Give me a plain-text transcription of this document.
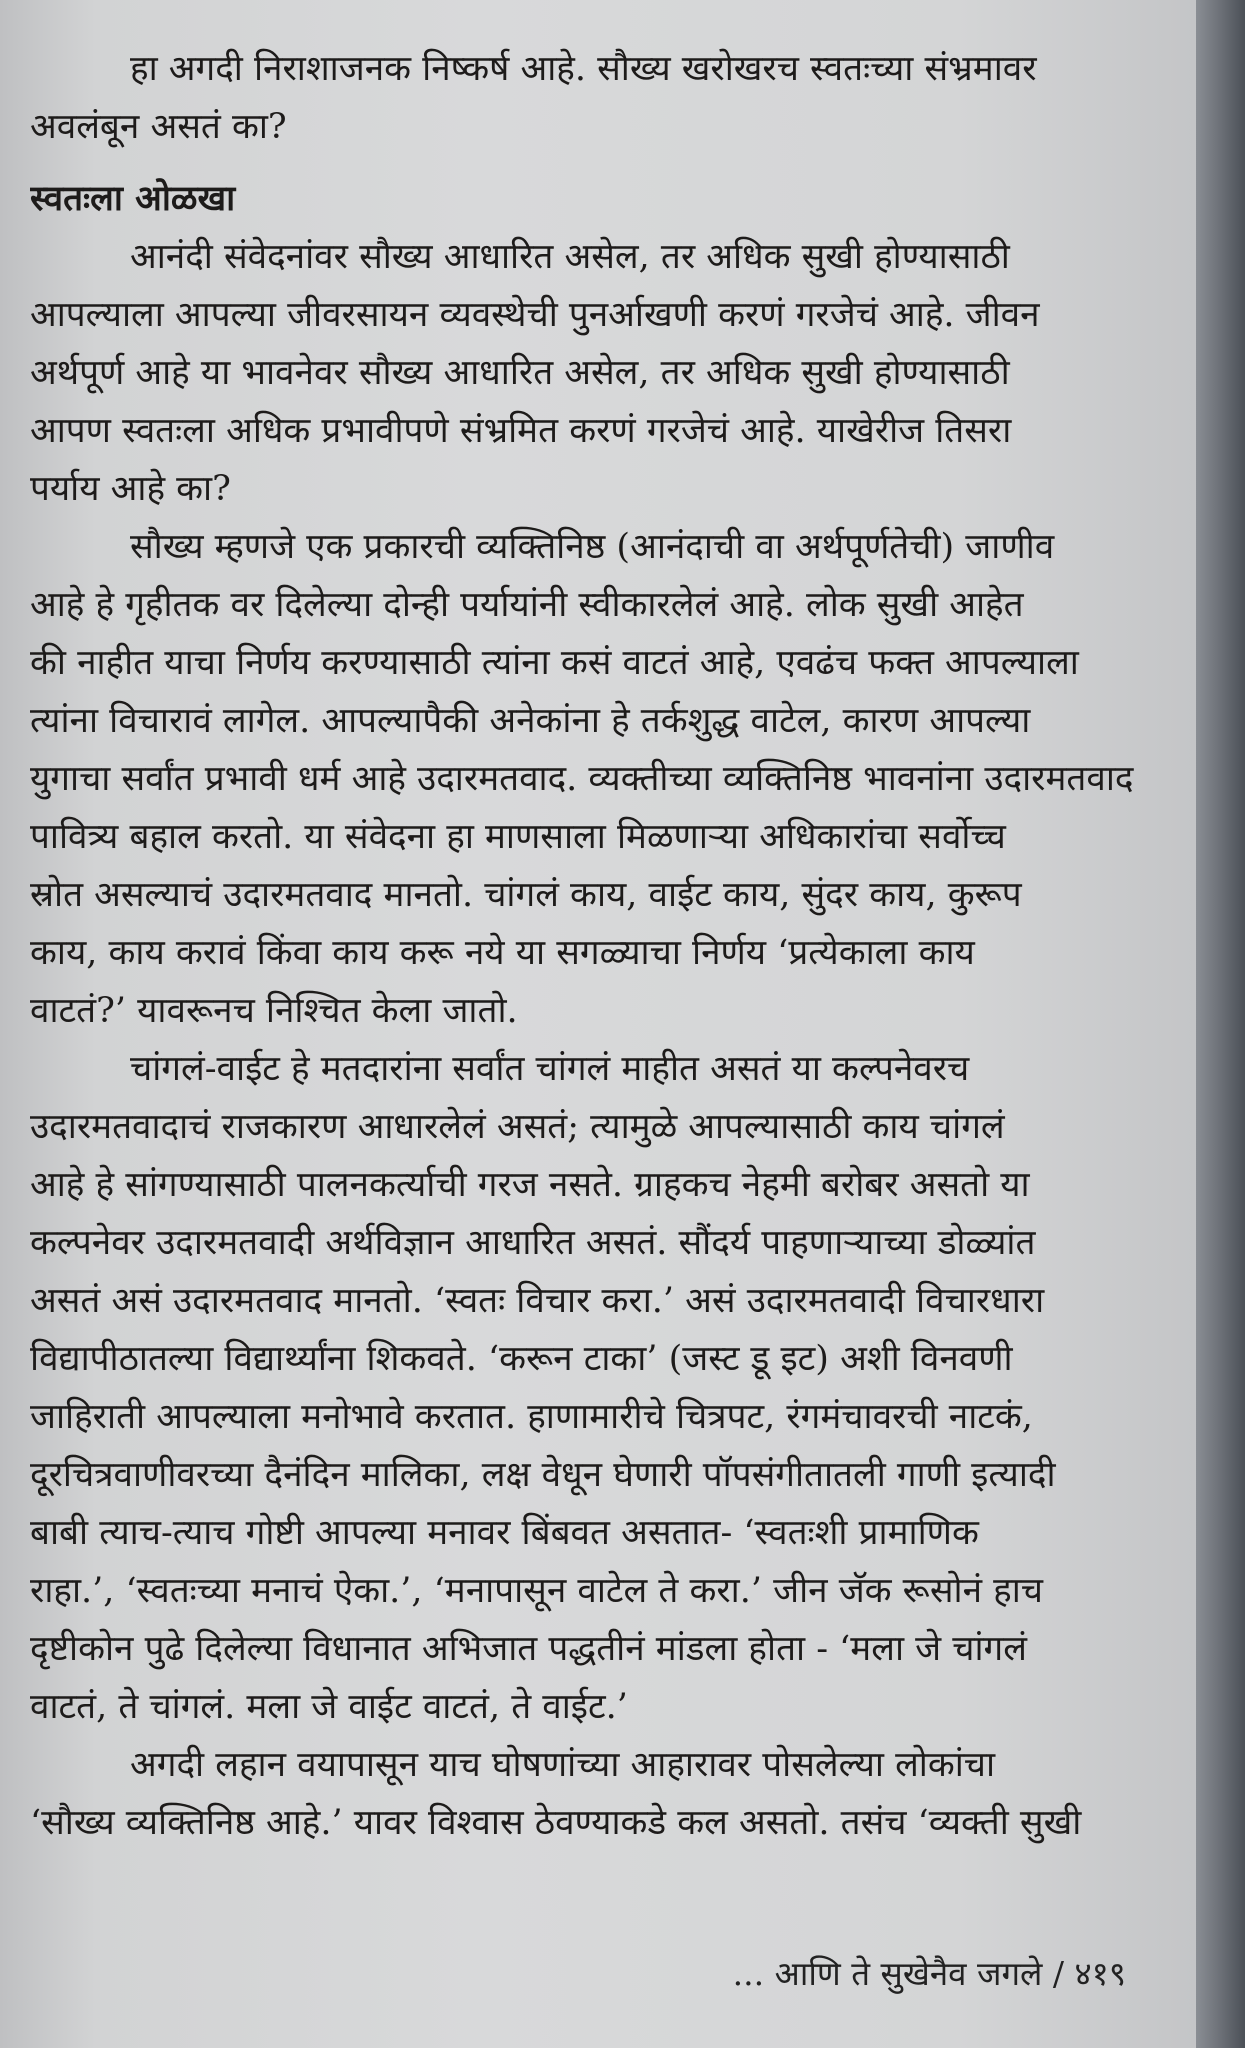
हा अगदी निराशाजनक निष्कर्ष आहे. सौख्य खरोखरच स्वतःच्या संभ्रमावर
अवलंबून असतं का?
स्वतःला ओळखा
आनंदी संवेदनांवर सौख्य आधारित असेल, तर अधिक सुखी होण्यासाठी
आपल्याला आपल्या जीवरसायन व्यवस्थेची पुनर्आखणी करणं गरजेचं आहे. जीवन
अर्थपूर्ण आहे या भावनेवर सौख्य आधारित असेल, तर अधिक सुखी होण्यासाठी
आपण स्वतःला अधिक प्रभावीपणे संभ्रमित करणं गरजेचं आहे. याखेरीज तिसरा
पर्याय आहे का?
सौख्य म्हणजे एक प्रकारची व्यक्तिनिष्ठ (आनंदाची वा अर्थपूर्णतेची) जाणीव
आहे हे गृहीतक वर दिलेल्या दोन्ही पर्यायांनी स्वीकारलेलं आहे. लोक सुखी आहेत
की नाहीत याचा निर्णय करण्यासाठी त्यांना कसं वाटतं आहे, एवढंच फक्त आपल्याला
त्यांना विचारावं लागेल. आपल्यापैकी अनेकांना हे तर्कशुद्ध वाटेल, कारण आपल्या
युगाचा सर्वांत प्रभावी धर्म आहे उदारमतवाद. व्यक्तीच्या व्यक्तिनिष्ठ भावनांना उदारमतवाद
पावित्र्य बहाल करतो. या संवेदना हा माणसाला मिळणाऱ्या अधिकारांचा सर्वोच्च
स्रोत असल्याचं उदारमतवाद मानतो. चांगलं काय, वाईट काय, सुंदर काय, कुरूप
काय, काय करावं किंवा काय करू नये या सगळ्याचा निर्णय ‘प्रत्येकाला काय
वाटतं?’ यावरूनच निश्चित केला जातो.
चांगलं-वाईट हे मतदारांना सर्वांत चांगलं माहीत असतं या कल्पनेवरच
उदारमतवादाचं राजकारण आधारलेलं असतं; त्यामुळे आपल्यासाठी काय चांगलं
आहे हे सांगण्यासाठी पालनकर्त्याची गरज नसते. ग्राहकच नेहमी बरोबर असतो या
कल्पनेवर उदारमतवादी अर्थविज्ञान आधारित असतं. सौंदर्य पाहणाऱ्याच्या डोळ्यांत
असतं असं उदारमतवाद मानतो. ‘स्वतः विचार करा.’ असं उदारमतवादी विचारधारा
विद्यापीठातल्या विद्यार्थ्यांना शिकवते. ‘करून टाका’ (जस्ट डू इट) अशी विनवणी
जाहिराती आपल्याला मनोभावे करतात. हाणामारीचे चित्रपट, रंगमंचावरची नाटकं,
दूरचित्रवाणीवरच्या दैनंदिन मालिका, लक्ष वेधून घेणारी पॉपसंगीतातली गाणी इत्यादी
बाबी त्याच-त्याच गोष्टी आपल्या मनावर बिंबवत असतात- ‘स्वतःशी प्रामाणिक
राहा.’, ‘स्वतःच्या मनाचं ऐका.’, ‘मनापासून वाटेल ते करा.’ जीन जॅक रूसोनं हाच
दृष्टीकोन पुढे दिलेल्या विधानात अभिजात पद्धतीनं मांडला होता - ‘मला जे चांगलं
वाटतं, ते चांगलं. मला जे वाईट वाटतं, ते वाईट.’
अगदी लहान वयापासून याच घोषणांच्या आहारावर पोसलेल्या लोकांचा
‘सौख्य व्यक्तिनिष्ठ आहे.’ यावर विश्वास ठेवण्याकडे कल असतो. तसंच ‘व्यक्ती सुखी
... आणि ते सुखेनैव जगले / ४१९
